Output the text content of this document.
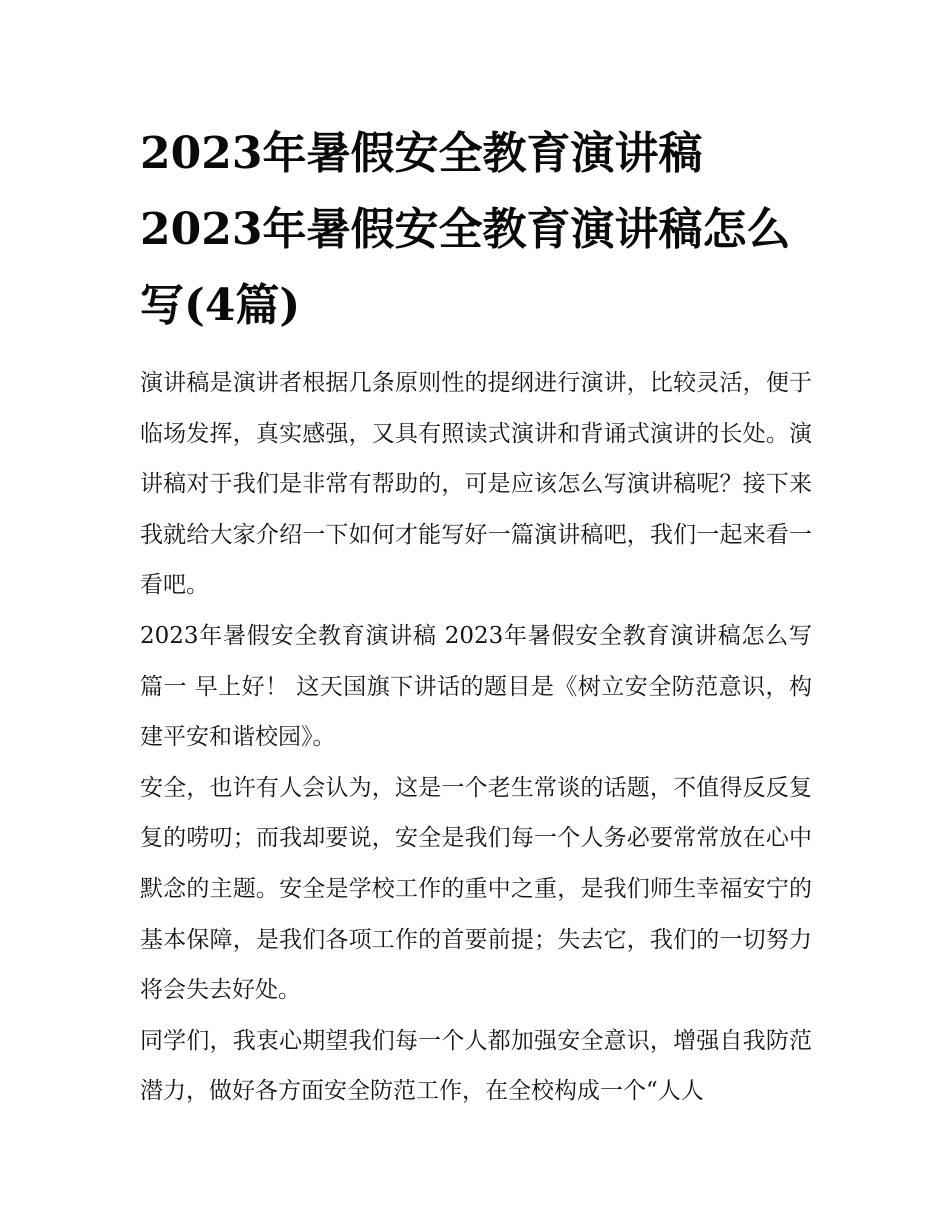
2023年暑假安全教育演讲稿 2023年暑假安全教育演讲稿怎么写(4篇)

演讲稿是演讲者根据几条原则性的提纲进行演讲，比较灵活，便于临场发挥，真实感强，又具有照读式演讲和背诵式演讲的长处。演讲稿对于我们是非常有帮助的，可是应该怎么写演讲稿呢？接下来我就给大家介绍一下如何才能写好一篇演讲稿吧，我们一起来看一看吧。

2023年暑假安全教育演讲稿 2023年暑假安全教育演讲稿怎么写篇一 早上好！ 这天国旗下讲话的题目是《树立安全防范意识，构建平安和谐校园》。

安全，也许有人会认为，这是一个老生常谈的话题，不值得反反复复的唠叨；而我却要说，安全是我们每一个人务必要常常放在心中默念的主题。安全是学校工作的重中之重，是我们师生幸福安宁的基本保障，是我们各项工作的首要前提；失去它，我们的一切努力将会失去好处。

同学们，我衷心期望我们每一个人都加强安全意识，增强自我防范潜力，做好各方面安全防范工作，在全校构成一个“人人
